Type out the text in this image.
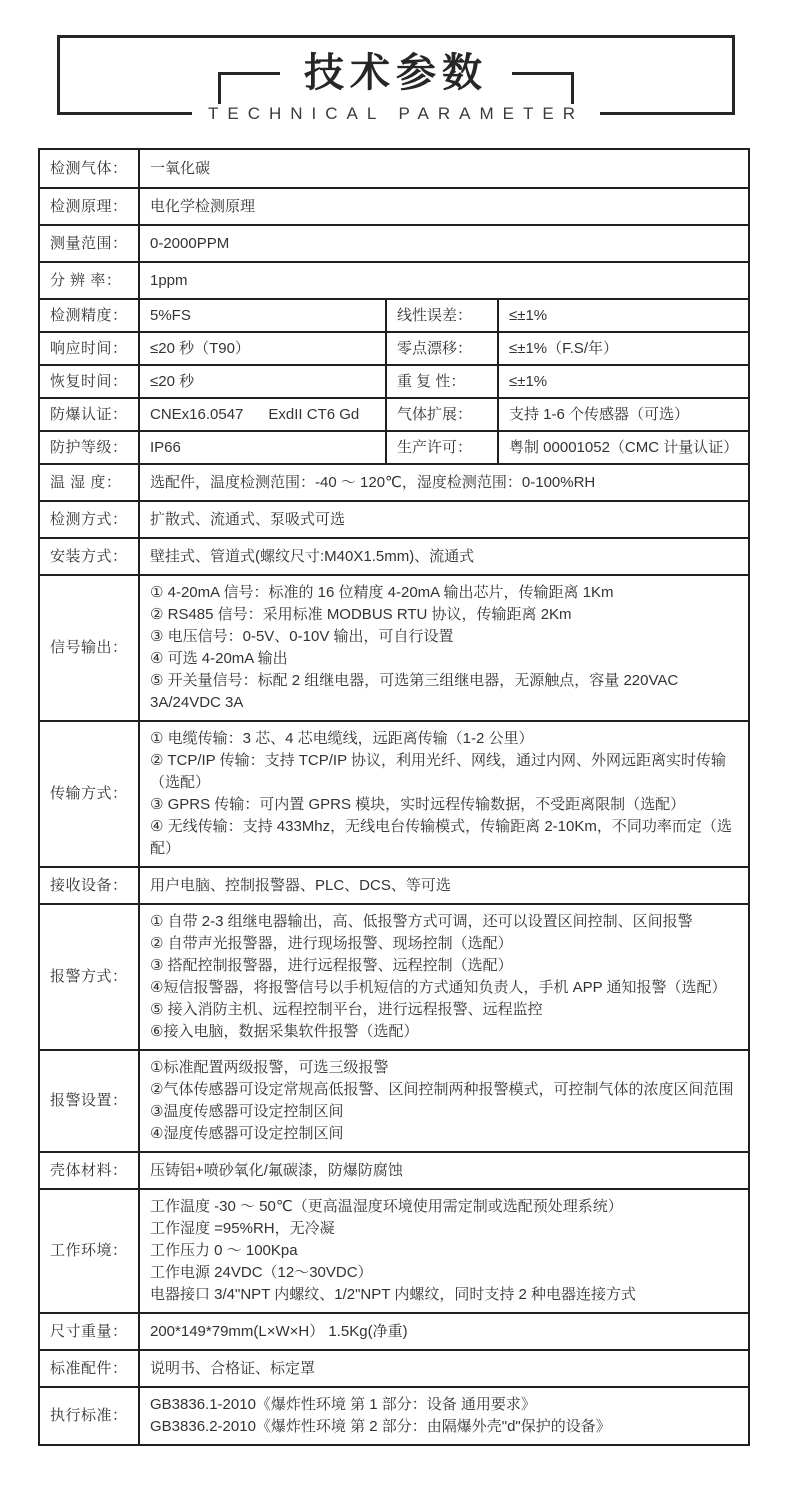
技术参数
TECHNICAL PARAMETER
检测气体：	一氧化碳
检测原理：	电化学检测原理
测量范围：	0-2000PPM
分 辨 率：	1ppm
检测精度：	5%FS	线性误差：	≤±1%
响应时间：	≤20 秒（T90）	零点漂移：	≤±1%（F.S/年）
恢复时间：	≤20 秒	重 复 性：	≤±1%
防爆认证：	CNEx16.0547      ExdII CT6 Gd	气体扩展：	支持 1-6 个传感器（可选）
防护等级：	IP66	生产许可：	粤制 00001052（CMC 计量认证）
温 湿 度：	选配件，温度检测范围：-40 ～ 120℃，湿度检测范围：0-100%RH
检测方式：	扩散式、流通式、泵吸式可选
安装方式：	壁挂式、管道式(螺纹尺寸:M40X1.5mm)、流通式
信号输出：
① 4-20mA 信号：标准的 16 位精度 4-20mA 输出芯片，传输距离 1Km
② RS485 信号：采用标准 MODBUS RTU 协议，传输距离 2Km
③ 电压信号：0-5V、0-10V 输出，可自行设置
④ 可选 4-20mA 输出
⑤ 开关量信号：标配 2 组继电器，可选第三组继电器，无源触点，容量 220VAC 3A/24VDC 3A
传输方式：
① 电缆传输：3 芯、4 芯电缆线，远距离传输（1-2 公里）
② TCP/IP 传输：支持 TCP/IP 协议，利用光纤、网线，通过内网、外网远距离实时传输（选配）
③ GPRS 传输：可内置 GPRS 模块，实时远程传输数据，不受距离限制（选配）
④ 无线传输：支持 433Mhz，无线电台传输模式，传输距离 2-10Km，不同功率而定（选配）
接收设备：	用户电脑、控制报警器、PLC、DCS、等可选
报警方式：
① 自带 2-3 组继电器输出，高、低报警方式可调，还可以设置区间控制、区间报警
② 自带声光报警器，进行现场报警、现场控制（选配）
③ 搭配控制报警器，进行远程报警、远程控制（选配）
④短信报警器，将报警信号以手机短信的方式通知负责人，手机 APP 通知报警（选配）
⑤ 接入消防主机、远程控制平台，进行远程报警、远程监控
⑥接入电脑，数据采集软件报警（选配）
报警设置：
①标准配置两级报警，可选三级报警
②气体传感器可设定常规高低报警、区间控制两种报警模式，可控制气体的浓度区间范围
③温度传感器可设定控制区间
④湿度传感器可设定控制区间
壳体材料：	压铸铝+喷砂氧化/氟碳漆，防爆防腐蚀
工作环境：
工作温度 -30 ～ 50℃（更高温湿度环境使用需定制或选配预处理系统）
工作湿度 =95%RH，无冷凝
工作压力 0 ～ 100Kpa
工作电源 24VDC（12～30VDC）
电器接口 3/4"NPT 内螺纹、1/2"NPT 内螺纹，同时支持 2 种电器连接方式
尺寸重量：	200*149*79mm(L×W×H） 1.5Kg(净重)
标准配件：	说明书、合格证、标定罩
执行标准：
GB3836.1-2010《爆炸性环境 第 1 部分：设备 通用要求》
GB3836.2-2010《爆炸性环境 第 2 部分：由隔爆外壳"d"保护的设备》
